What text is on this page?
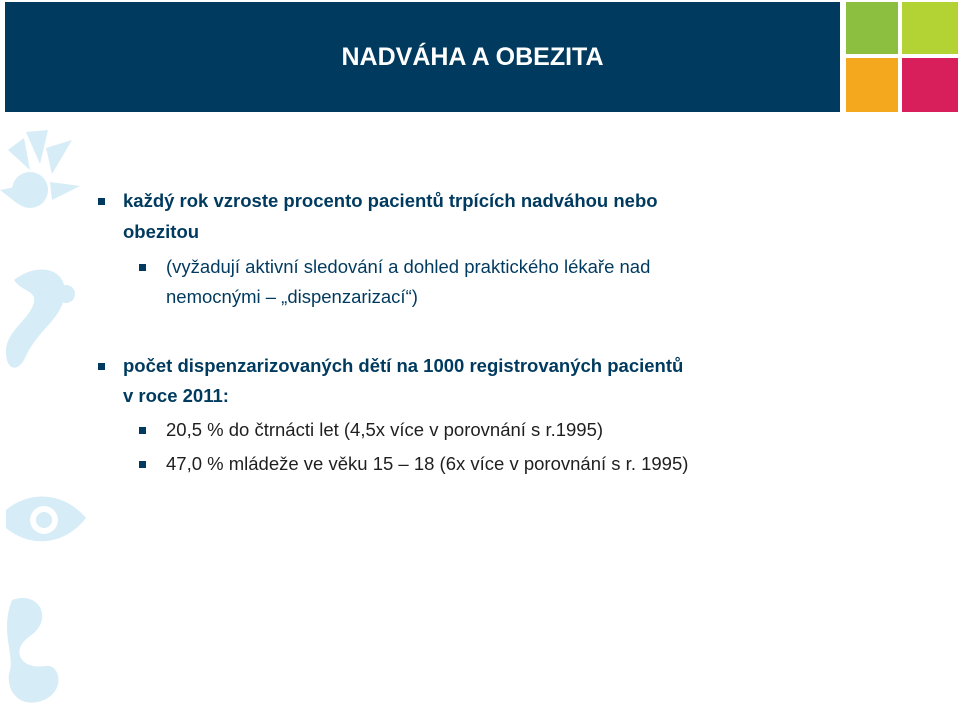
NADVÁHA A OBEZITA
každý rok vzroste procento pacientů trpících nadváhou nebo
obezitou
(vyžadují aktivní sledování a dohled praktického lékaře nad
nemocnými – „dispenzarizací“)
počet dispenzarizovaných dětí na 1000 registrovaných pacientů
v roce 2011:
20,5 % do čtrnácti let (4,5x více v porovnání s r.1995)
47,0 % mládeže ve věku 15 – 18 (6x více v porovnání s r. 1995)
